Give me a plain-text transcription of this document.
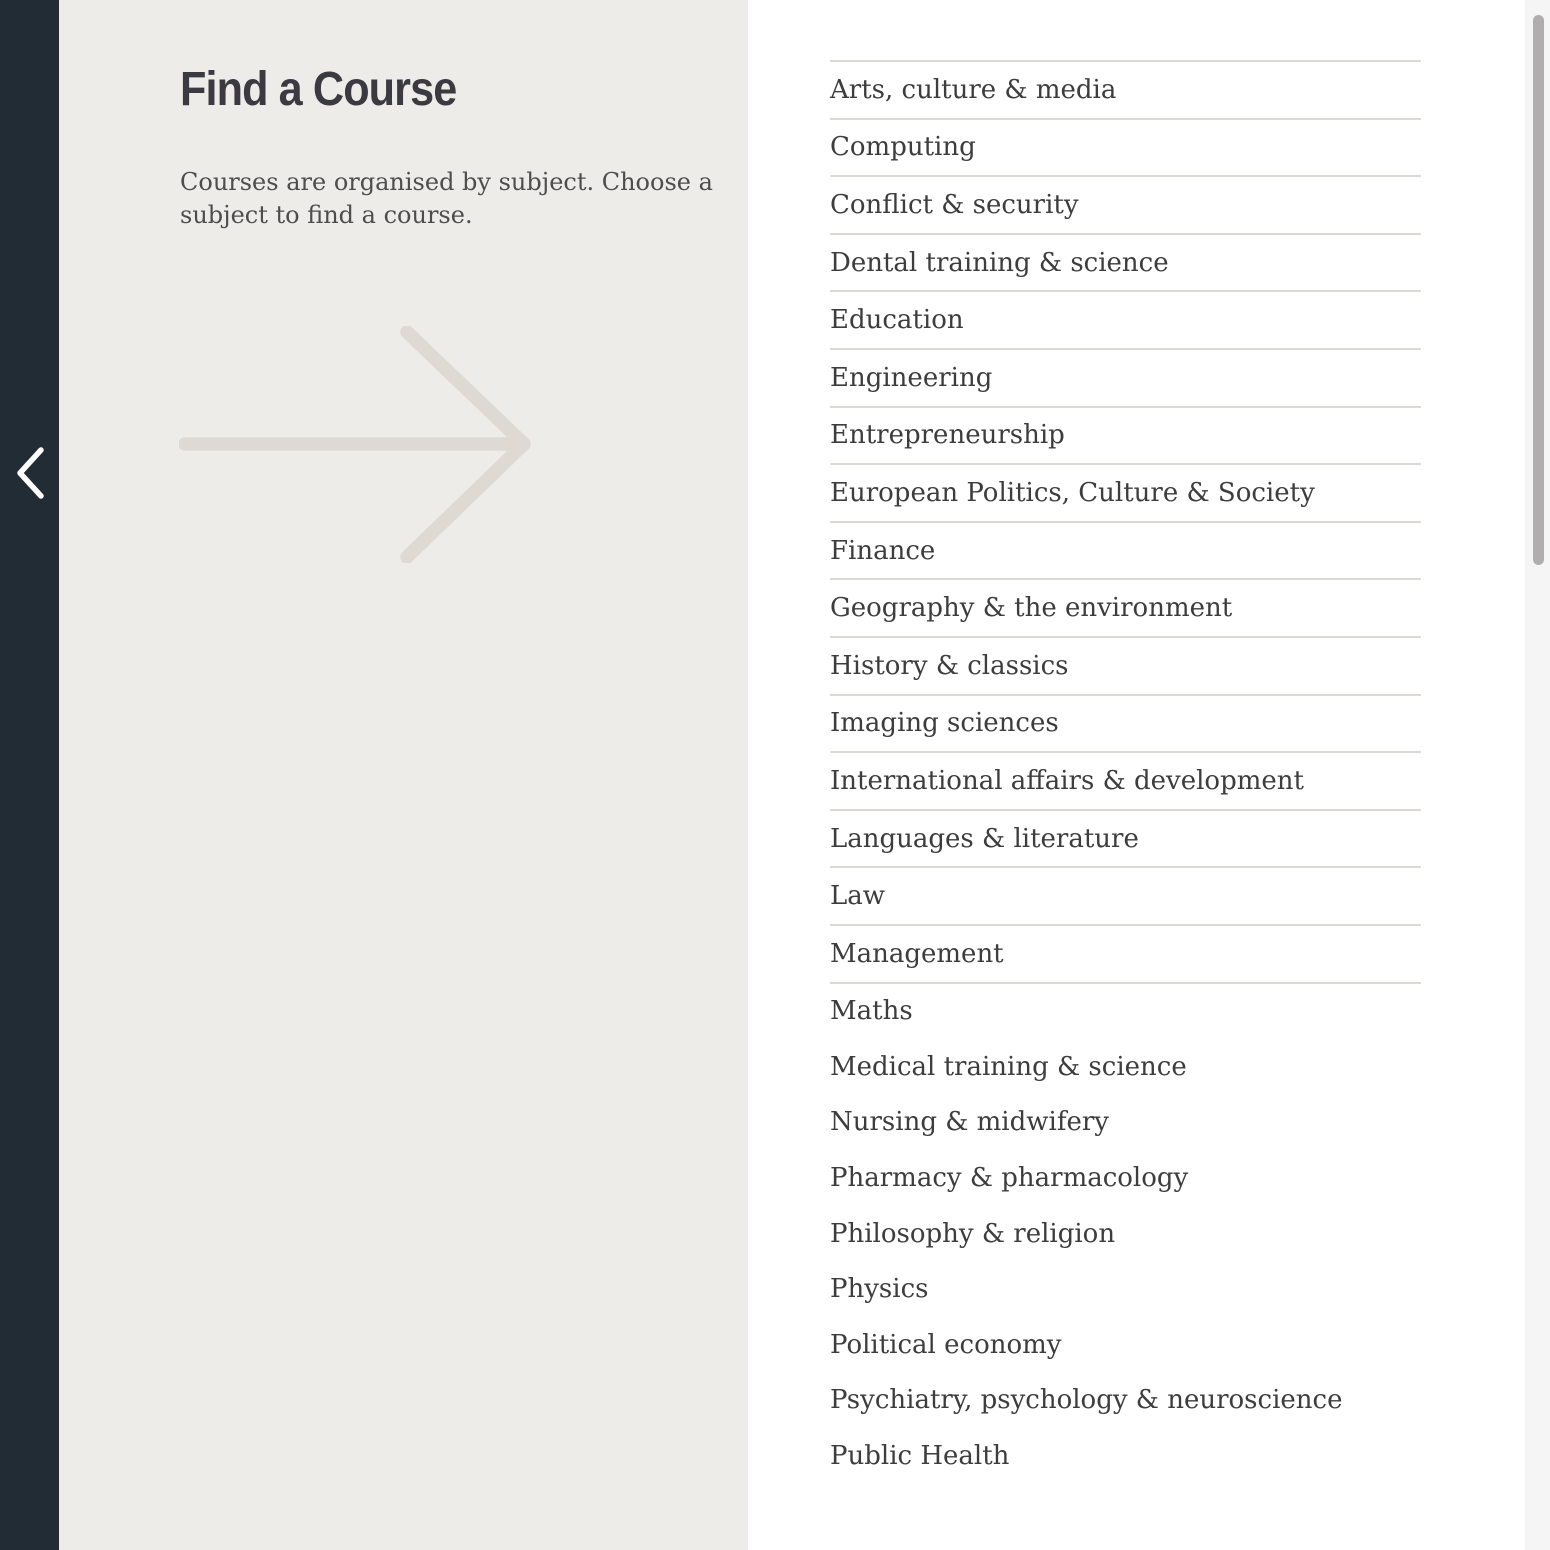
Find a Course

Courses are organised by subject. Choose a subject to find a course.

Arts, culture & media
Computing
Conflict & security
Dental training & science
Education
Engineering
Entrepreneurship
European Politics, Culture & Society
Finance
Geography & the environment
History & classics
Imaging sciences
International affairs & development
Languages & literature
Law
Management
Maths
Medical training & science
Nursing & midwifery
Pharmacy & pharmacology
Philosophy & religion
Physics
Political economy
Psychiatry, psychology & neuroscience
Public Health
